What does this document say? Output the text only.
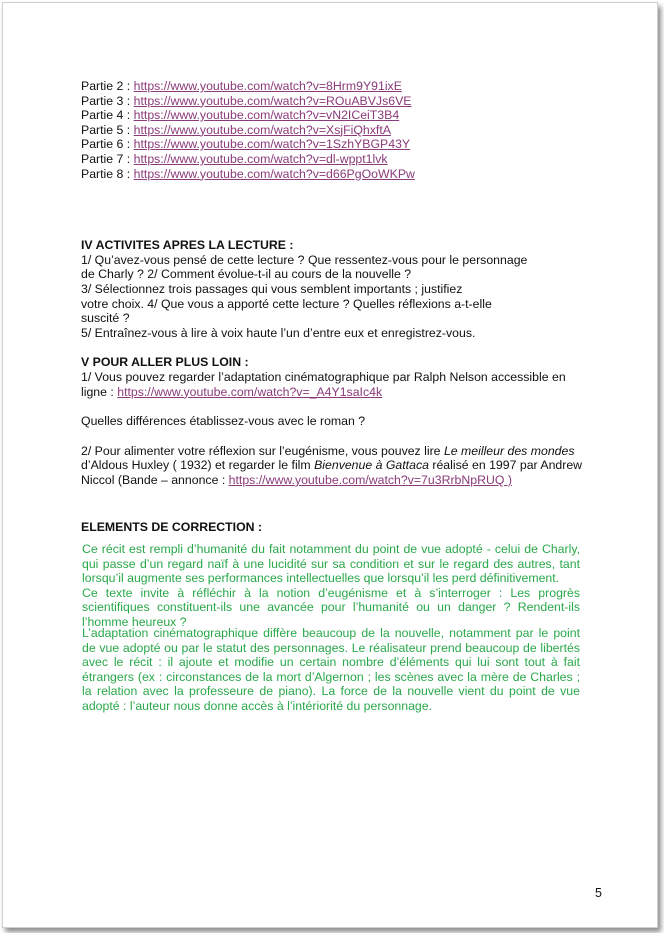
Partie 2 : https://www.youtube.com/watch?v=8Hrm9Y91ixE

Partie 3 : https://www.youtube.com/watch?v=ROuABVJs6VE

Partie 4 : https://www.youtube.com/watch?v=vN2ICeiT3B4

Partie 5 : https://www.youtube.com/watch?v=XsjFiQhxftA

Partie 6 : https://www.youtube.com/watch?v=1SzhYBGP43Y

Partie 7 : https://www.youtube.com/watch?v=dl-wppt1lvk

Partie 8 : https://www.youtube.com/watch?v=d66PgOoWKPw

IV ACTIVITES APRES LA LECTURE :

1/ Qu’avez-vous pensé de cette lecture ? Que ressentez-vous pour le personnage

de Charly ? 2/ Comment évolue-t-il au cours de la nouvelle ?

3/ Sélectionnez trois passages qui vous semblent importants ; justifiez

votre choix. 4/ Que vous a apporté cette lecture ? Quelles réflexions a-t-elle

suscité ?

5/ Entraînez-vous à lire à voix haute l’un d’entre eux et enregistrez-vous.

V POUR ALLER PLUS LOIN :

1/ Vous pouvez regarder l’adaptation cinématographique par Ralph Nelson accessible en

ligne : https://www.youtube.com/watch?v=_A4Y1saIc4k

Quelles différences établissez-vous avec le roman ?

2/ Pour alimenter votre réflexion sur l’eugénisme, vous pouvez lire Le meilleur des mondes

d’Aldous Huxley ( 1932) et regarder le film Bienvenue à Gattaca réalisé en 1997 par Andrew

Niccol (Bande – annonce : https://www.youtube.com/watch?v=7u3RrbNpRUQ )

ELEMENTS DE CORRECTION :

Ce récit est rempli d’humanité du fait notamment du point de vue adopté - celui de Charly, qui passe d’un regard naïf à une lucidité sur sa condition et sur le regard des autres, tant lorsqu’il augmente ses performances intellectuelles que lorsqu’il les perd définitivement.

Ce texte invite à réfléchir à la notion d’eugénisme et à s’interroger : Les progrès scientifiques constituent-ils une avancée pour l’humanité ou un danger ? Rendent-ils l’homme heureux ?

L’adaptation cinématographique diffère beaucoup de la nouvelle, notamment par le point de vue adopté ou par le statut des personnages. Le réalisateur prend beaucoup de libertés avec le récit : il ajoute et modifie un certain nombre d’éléments qui lui sont tout à fait étrangers (ex : circonstances de la mort d’Algernon ; les scènes avec la mère de Charles ; la relation avec la professeure de piano). La force de la nouvelle vient du point de vue adopté : l’auteur nous donne accès à l’intériorité du personnage.

5
